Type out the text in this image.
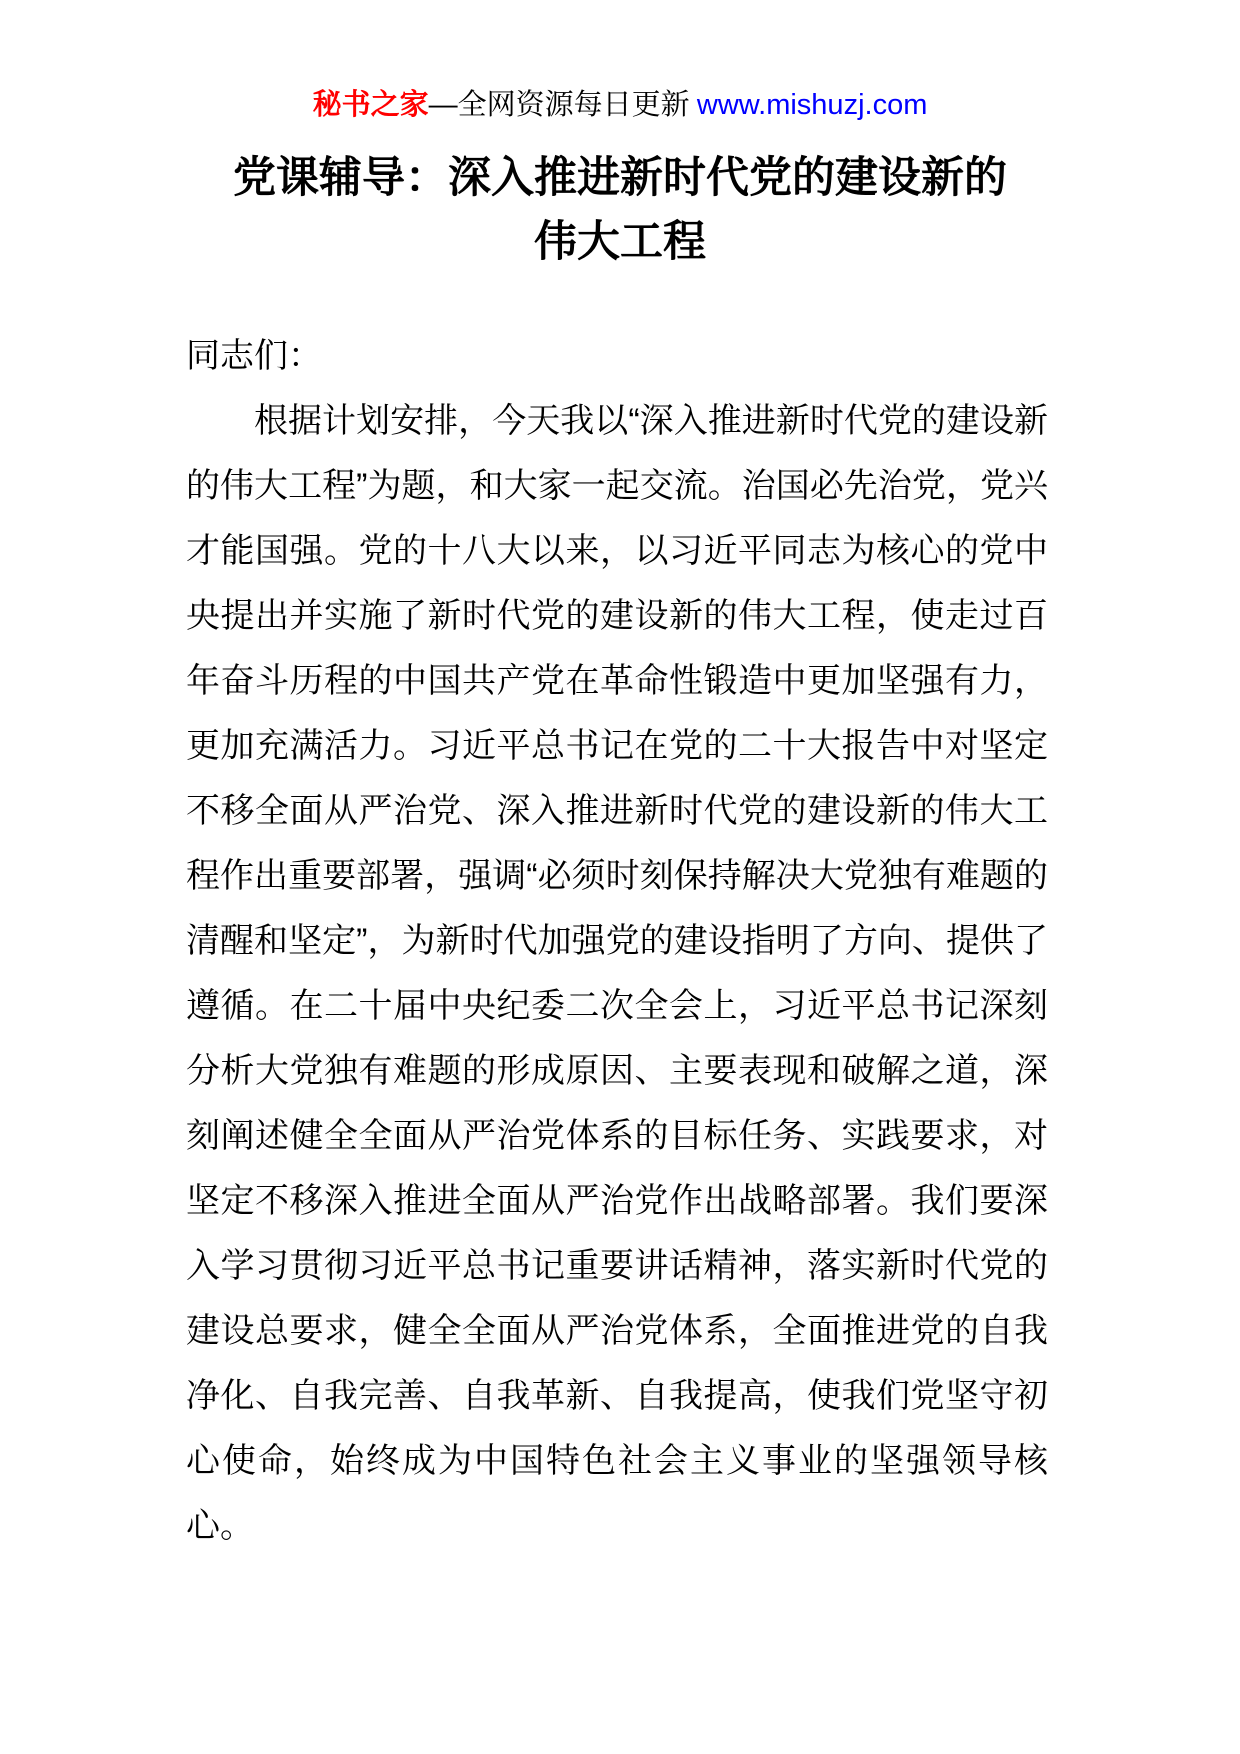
秘书之家—全网资源每日更新 www.mishuzj.com
党课辅导：深入推进新时代党的建设新的伟大工程

同志们：

根据计划安排，今天我以“深入推进新时代党的建设新的伟大工程”为题，和大家一起交流。治国必先治党，党兴才能国强。党的十八大以来，以习近平同志为核心的党中央提出并实施了新时代党的建设新的伟大工程，使走过百年奋斗历程的中国共产党在革命性锻造中更加坚强有力，更加充满活力。习近平总书记在党的二十大报告中对坚定不移全面从严治党、深入推进新时代党的建设新的伟大工程作出重要部署，强调“必须时刻保持解决大党独有难题的清醒和坚定”，为新时代加强党的建设指明了方向、提供了遵循。在二十届中央纪委二次全会上，习近平总书记深刻分析大党独有难题的形成原因、主要表现和破解之道，深刻阐述健全全面从严治党体系的目标任务、实践要求，对坚定不移深入推进全面从严治党作出战略部署。我们要深入学习贯彻习近平总书记重要讲话精神，落实新时代党的建设总要求，健全全面从严治党体系，全面推进党的自我净化、自我完善、自我革新、自我提高，使我们党坚守初心使命，始终成为中国特色社会主义事业的坚强领导核心。
